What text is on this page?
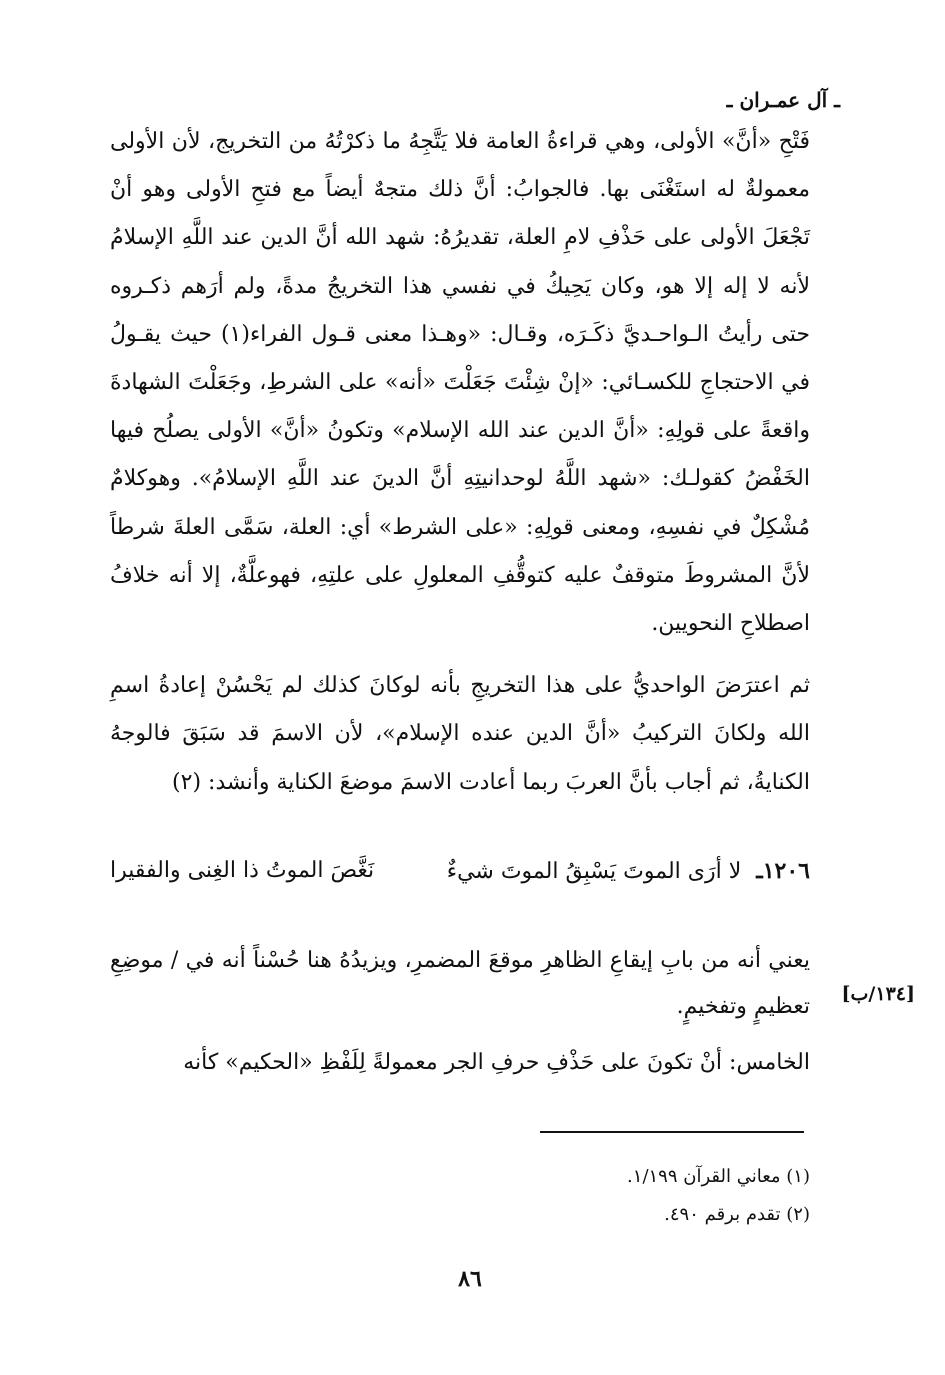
ـ آل عمـران ـ

فَتْحِ «أنَّ» الأولى، وهي قراءةُ العامة فلا يَتَّجِهُ ما ذكرْتُهُ من التخريج، لأن الأولى معمولةٌ له استَغْنَى بها. فالجوابُ: أنَّ ذلك متجهٌ أيضاً مع فتحِ الأولى وهو أنْ تَجْعَلَ الأولى على حَذْفِ لامِ العلة، تقديرُهُ: شهد الله أنَّ الدين عند اللَّهِ الإسلامُ لأنه لا إله إلا هو، وكان يَحِيكُ في نفسي هذا التخريجُ مدةً، ولم أرَهم ذكـروه حتى رأيتُ الـواحـديَّ ذكَـرَه، وقـال: «وهـذا معنى قـول الفراء(١) حيث يقـولُ في الاحتجاجِ للكسـائي: «إنْ شِئْتَ جَعَلْتَ «أنه» على الشرطِ، وجَعَلْتَ الشهادةَ واقعةً على قولِهِ: «أنَّ الدين عند الله الإسلام» وتكونُ «أنَّ» الأولى يصلُح فيها الخَفْضُ كقولـك: «شهد اللَّهُ لوحدانيتِهِ أنَّ الدينَ عند اللَّهِ الإسلامُ». وهوكلامٌ مُشْكِلٌ في نفسِهِ، ومعنى قولِهِ: «على الشرط» أي: العلة، سَمَّى العلةَ شرطاً لأنَّ المشروطَ متوقفٌ عليه كتوقُّفِ المعلولِ على علتِهِ، فهوعلَّةٌ، إلا أنه خلافُ اصطلاحِ النحويين.

ثم اعترَضَ الواحديُّ على هذا التخريجِ بأنه لوكانَ كذلك لم يَحْسُنْ إعادةُ اسمِ الله ولكانَ التركيبُ «أنَّ الدين عنده الإسلام»، لأن الاسمَ قد سَبَقَ فالوجهُ الكنايةُ، ثم أجاب بأنَّ العربَ ربما أعادت الاسمَ موضعَ الكناية وأنشد: (٢)

١٢٠٦ـ لا أرَى الموتَ يَسْبِقُ الموتَ شيءٌ
نَغَّصَ الموتُ ذا الغِنى والفقيرا
يعني أنه من بابِ إيقاعِ الظاهرِ موقعَ المضمرِ، ويزيدُهُ هنا حُسْناً أنه في / موضِعِ تعظيمٍ وتفخيمٍ. [١٣٤/ب]
الخامس: أنْ تكونَ على حَذْفِ حرفِ الجر معمولةً لِلَفْظِ «الحكيم» كأنه
(١) معاني القرآن ١/١٩٩.
(٢) تقدم برقم ٤٩٠.
٨٦
